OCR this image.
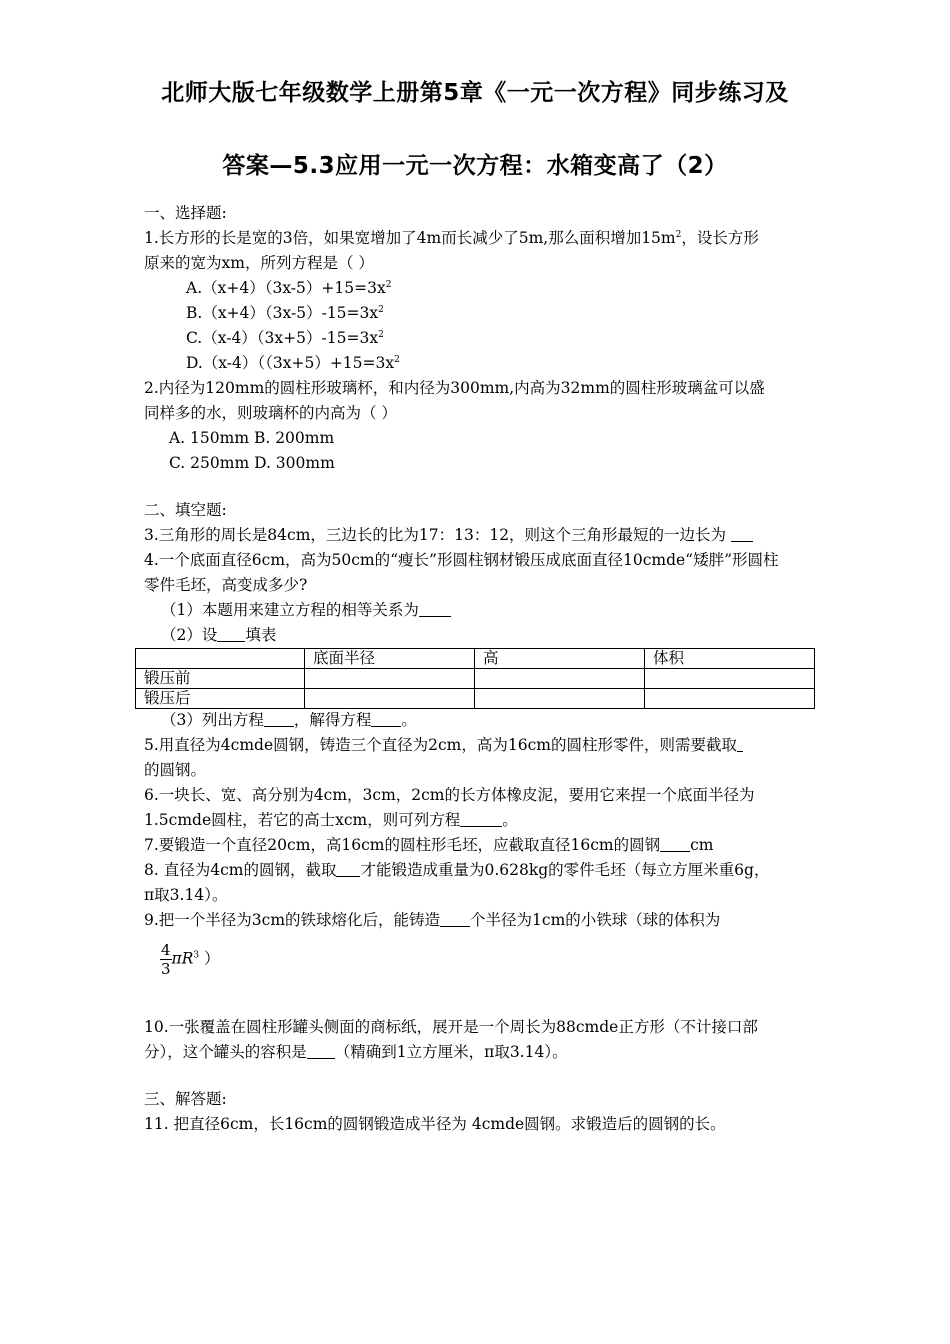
北师大版七年级数学上册第5章《一元一次方程》同步练习及
答案—5.3应用一元一次方程：水箱变高了（2）
一、选择题:
1.长方形的长是宽的3倍，如果宽增加了4m而长减少了5m,那么面积增加$15m^2$，设长方形
原来的宽为xm，所列方程是（ ）
$A.(x+4)(3x-5)+15=3x^2$
$B.(x+4)(3x-5)-15=3x^2$
$C.(x-4)(3x+5)-15=3x^2$
$D.(x-4)((3x+5)+15=3x^2$
2.内径为120mm的圆柱形玻璃杯，和内径为300mm,内高为32mm的圆柱形玻璃盆可以盛
同样多的水，则玻璃杯的内高为（ ）
A. 150mm B. 200mm
C. 250mm D. 300mm
二、填空题:
3.三角形的周长是84cm，三边长的比为17：13：12，则这个三角形最短的一边长为
4.一个底面直径6cm，高为50cm的“瘦长”形圆柱钢材锻压成底面直径10cmde“矮胖”形圆柱
零件毛坯，高变成多少?
（1）本题用来建立方程的相等关系为
（2）设 填表
	底面半径	高	体积
锻压前			
锻压后			
（3）列出方程 ，解得方程 。
5.用直径为4cmde圆钢，铸造三个直径为2cm，高为16cm的圆柱形零件，则需要截取
的圆钢。
6.一块长、宽、高分别为4cm，3cm，2cm的长方体橡皮泥，要用它来捏一个底面半径为
1.5cmde圆柱，若它的高士xcm，则可列方程	。
7.要锻造一个直径20cm，高16cm的圆柱形毛坯，应截取直径16cm的圆钢 cm
8. 直径为4cm的圆钢，截取 才能锻造成重量为0.628kg的零件毛坯（每立方厘米重6g，
π取3.14）。
9.把一个半径为3cm的铁球熔化后，能铸造 个半径为1cm的小铁球（球的体积为
$\frac{4}{3} \pi R^3$ ）
10.一张覆盖在圆柱形罐头侧面的商标纸，展开是一个周长为88cmde正方形（不计接口部
分），这个罐头的容积是 （精确到1立方厘米，π取3.14）。
三、解答题:
11. 把直径6cm，长16cm的圆钢锻造成半径为 4cmde圆钢。求锻造后的圆钢的长。
